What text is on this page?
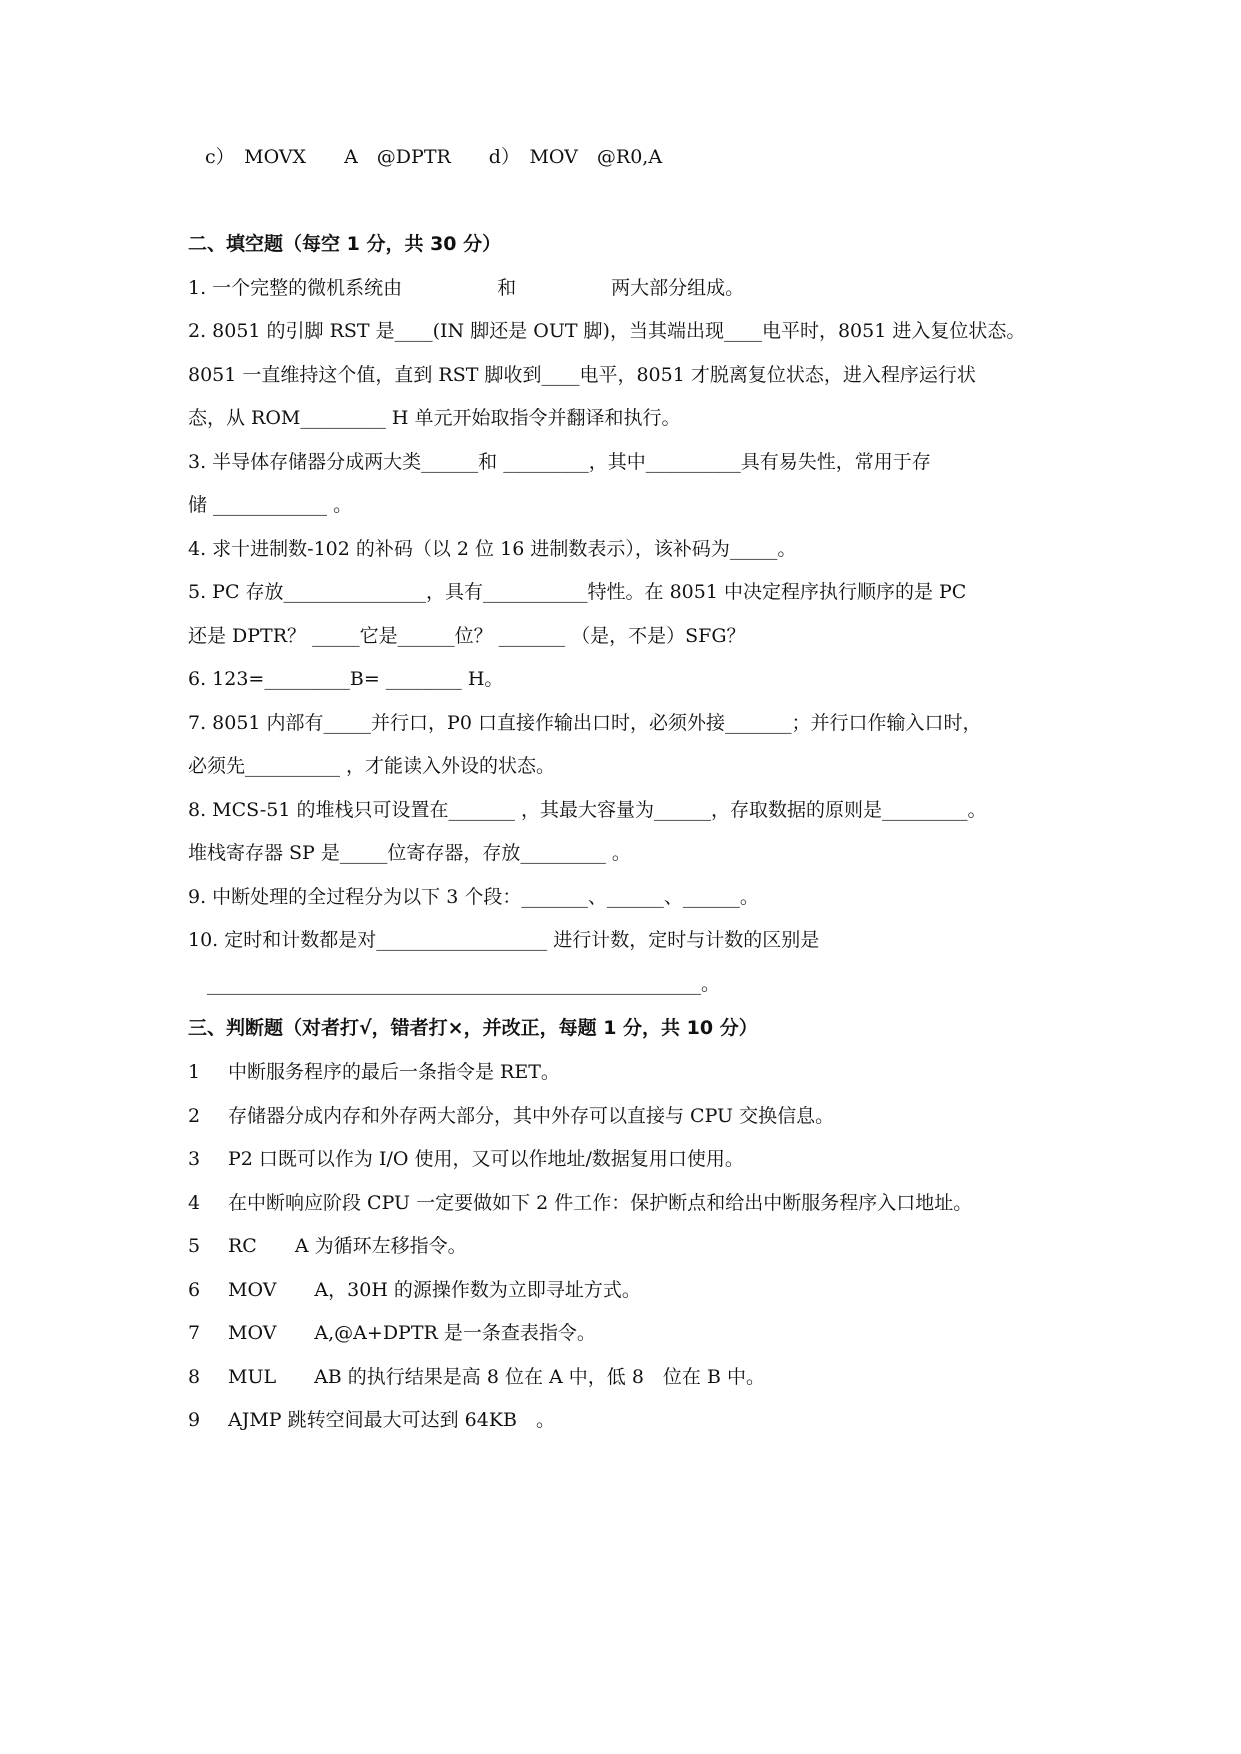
c）　MOVX　　A　@DPTR　　d）　MOV　@R0,A
二、填空题（每空 1 分，共 30 分）
1. 一个完整的微机系统由　　　　　和　　　　　两大部分组成。
2. 8051 的引脚 RST 是____(IN 脚还是 OUT 脚)，当其端出现____电平时，8051 进入复位状态。
8051 一直维持这个值，直到 RST 脚收到____电平，8051 才脱离复位状态，进入程序运行状
态，从 ROM_________ H 单元开始取指令并翻译和执行。
3. 半导体存储器分成两大类______和 _________，其中__________具有易失性，常用于存
储 ____________ 。
4. 求十进制数-102 的补码（以 2 位 16 进制数表示），该补码为_____。
5. PC 存放_______________，具有___________特性。在 8051 中决定程序执行顺序的是 PC
还是 DPTR？ _____它是______位？ _______ （是，不是）SFG？
6. 123=_________B= ________ H。
7. 8051 内部有_____并行口，P0 口直接作输出口时，必须外接_______；并行口作输入口时，
必须先__________ ，才能读入外设的状态。
8. MCS-51 的堆栈只可设置在_______ ，其最大容量为______，存取数据的原则是_________。
堆栈寄存器 SP 是_____位寄存器，存放_________ 。
9. 中断处理的全过程分为以下 3 个段：_______、______、______。
10. 定时和计数都是对__________________ 进行计数，定时与计数的区别是
　____________________________________________________。
三、判断题（对者打√，错者打×，并改正，每题 1 分，共 10 分）
1 中断服务程序的最后一条指令是 RET。
2 存储器分成内存和外存两大部分，其中外存可以直接与 CPU 交换信息。
3 P2 口既可以作为 I/O 使用，又可以作地址/数据复用口使用。
4 在中断响应阶段 CPU 一定要做如下 2 件工作：保护断点和给出中断服务程序入口地址。
5 RC　　A 为循环左移指令。
6 MOV　　A，30H 的源操作数为立即寻址方式。
7 MOV　　A,@A+DPTR 是一条查表指令。
8 MUL　　AB 的执行结果是高 8 位在 A 中，低 8　位在 B 中。
9 AJMP 跳转空间最大可达到 64KB　。
